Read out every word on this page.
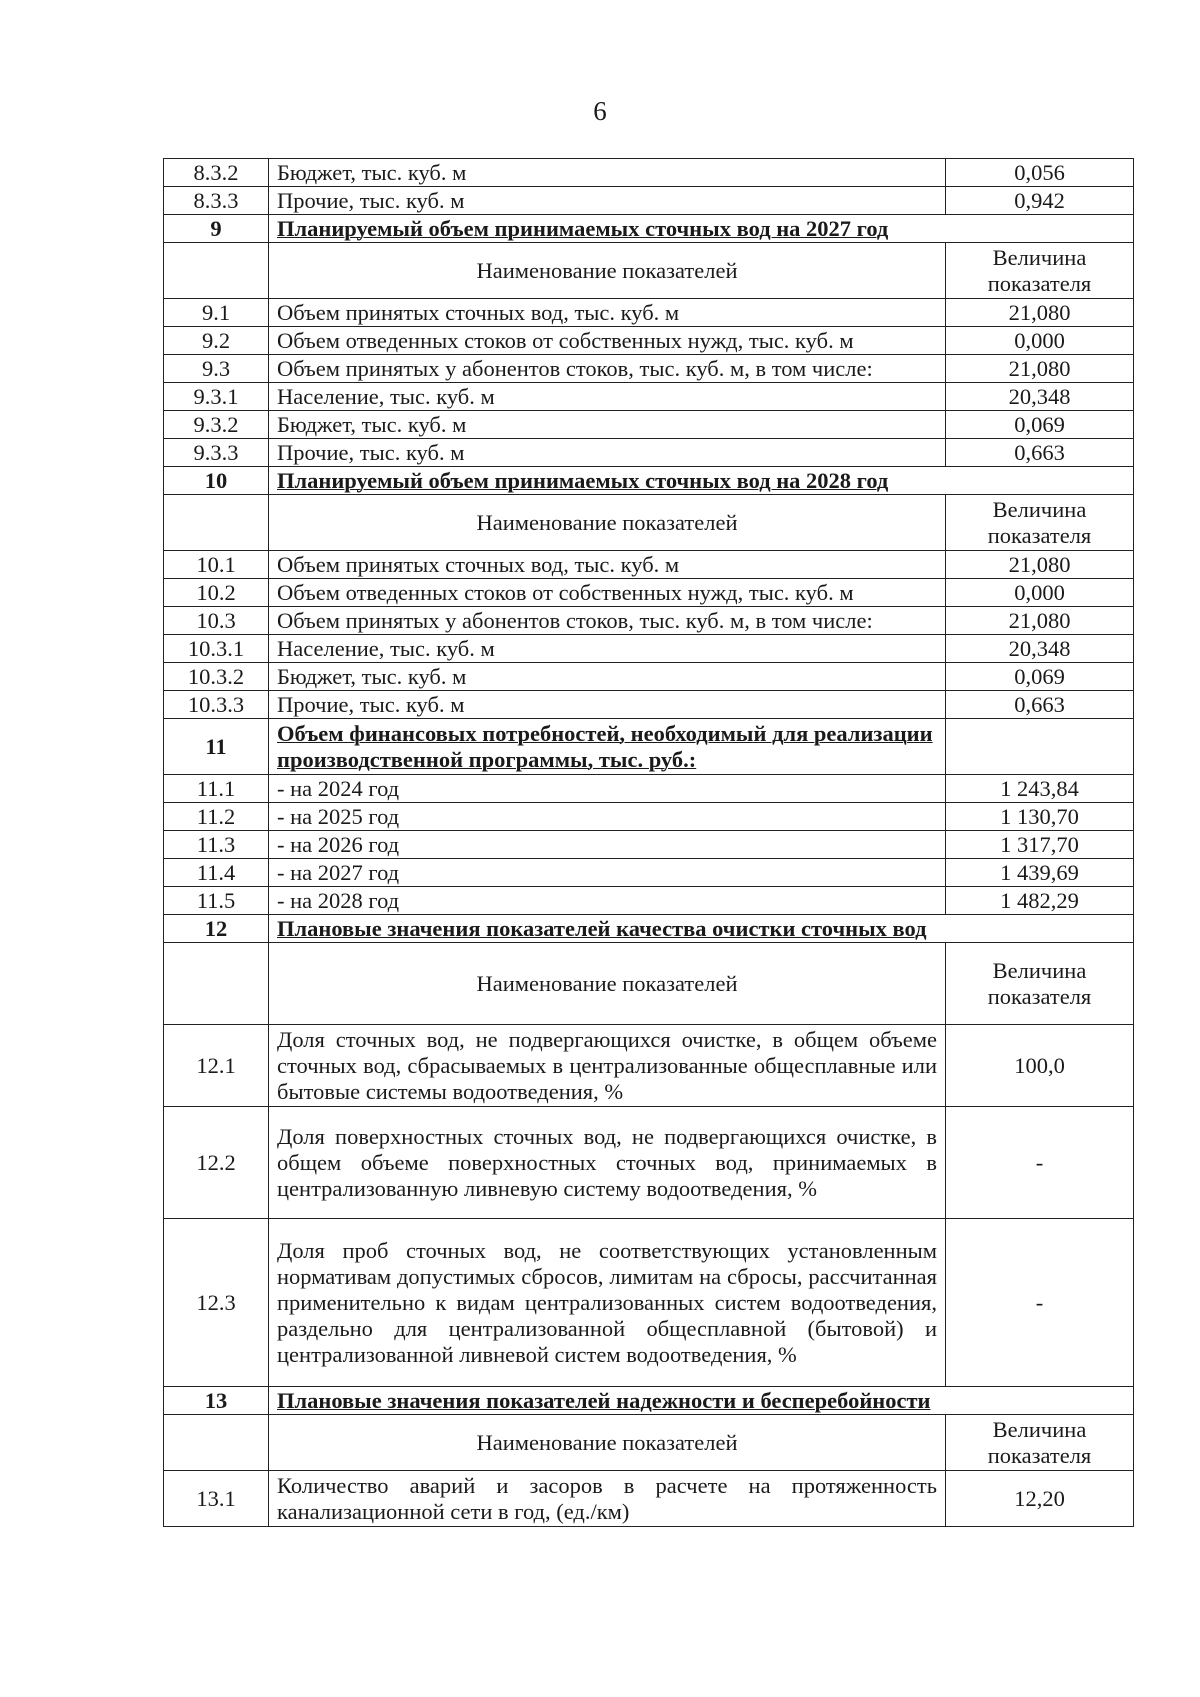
6
8.3.2	Бюджет, тыс. куб. м	0,056
8.3.3	Прочие, тыс. куб. м	0,942
9	Планируемый объем принимаемых сточных вод на 2027 год	
	Наименование показателей	Величина показателя
9.1	Объем принятых сточных вод, тыс. куб. м	21,080
9.2	Объем отведенных стоков от собственных нужд, тыс. куб. м	0,000
9.3	Объем принятых у абонентов стоков, тыс. куб. м, в том числе:	21,080
9.3.1	Население, тыс. куб. м	20,348
9.3.2	Бюджет, тыс. куб. м	0,069
9.3.3	Прочие, тыс. куб. м	0,663
10	Планируемый объем принимаемых сточных вод на 2028 год	
	Наименование показателей	Величина показателя
10.1	Объем принятых сточных вод, тыс. куб. м	21,080
10.2	Объем отведенных стоков от собственных нужд, тыс. куб. м	0,000
10.3	Объем принятых у абонентов стоков, тыс. куб. м, в том числе:	21,080
10.3.1	Население, тыс. куб. м	20,348
10.3.2	Бюджет, тыс. куб. м	0,069
10.3.3	Прочие, тыс. куб. м	0,663
11	Объем финансовых потребностей, необходимый для реализации производственной программы, тыс. руб.:	
11.1	- на 2024 год	1 243,84
11.2	- на 2025 год	1 130,70
11.3	- на 2026 год	1 317,70
11.4	- на 2027 год	1 439,69
11.5	- на 2028 год	1 482,29
12	Плановые значения показателей качества очистки сточных вод	
	Наименование показателей	Величина показателя
12.1	Доля сточных вод, не подвергающихся очистке, в общем объеме сточных вод, сбрасываемых в централизованные общесплавные или бытовые системы водоотведения, %	100,0
12.2	Доля поверхностных сточных вод, не подвергающихся очистке, в общем объеме поверхностных сточных вод, принимаемых в централизованную ливневую систему водоотведения, %	-
12.3	Доля проб сточных вод, не соответствующих установленным нормативам допустимых сбросов, лимитам на сбросы, рассчитанная применительно к видам централизованных систем водоотведения, раздельно для централизованной общесплавной (бытовой) и централизованной ливневой систем водоотведения, %	-
13	Плановые значения показателей надежности и бесперебойности	
	Наименование показателей	Величина показателя
13.1	Количество аварий и засоров в расчете на протяженность канализационной сети в год, (ед./км)	12,20
